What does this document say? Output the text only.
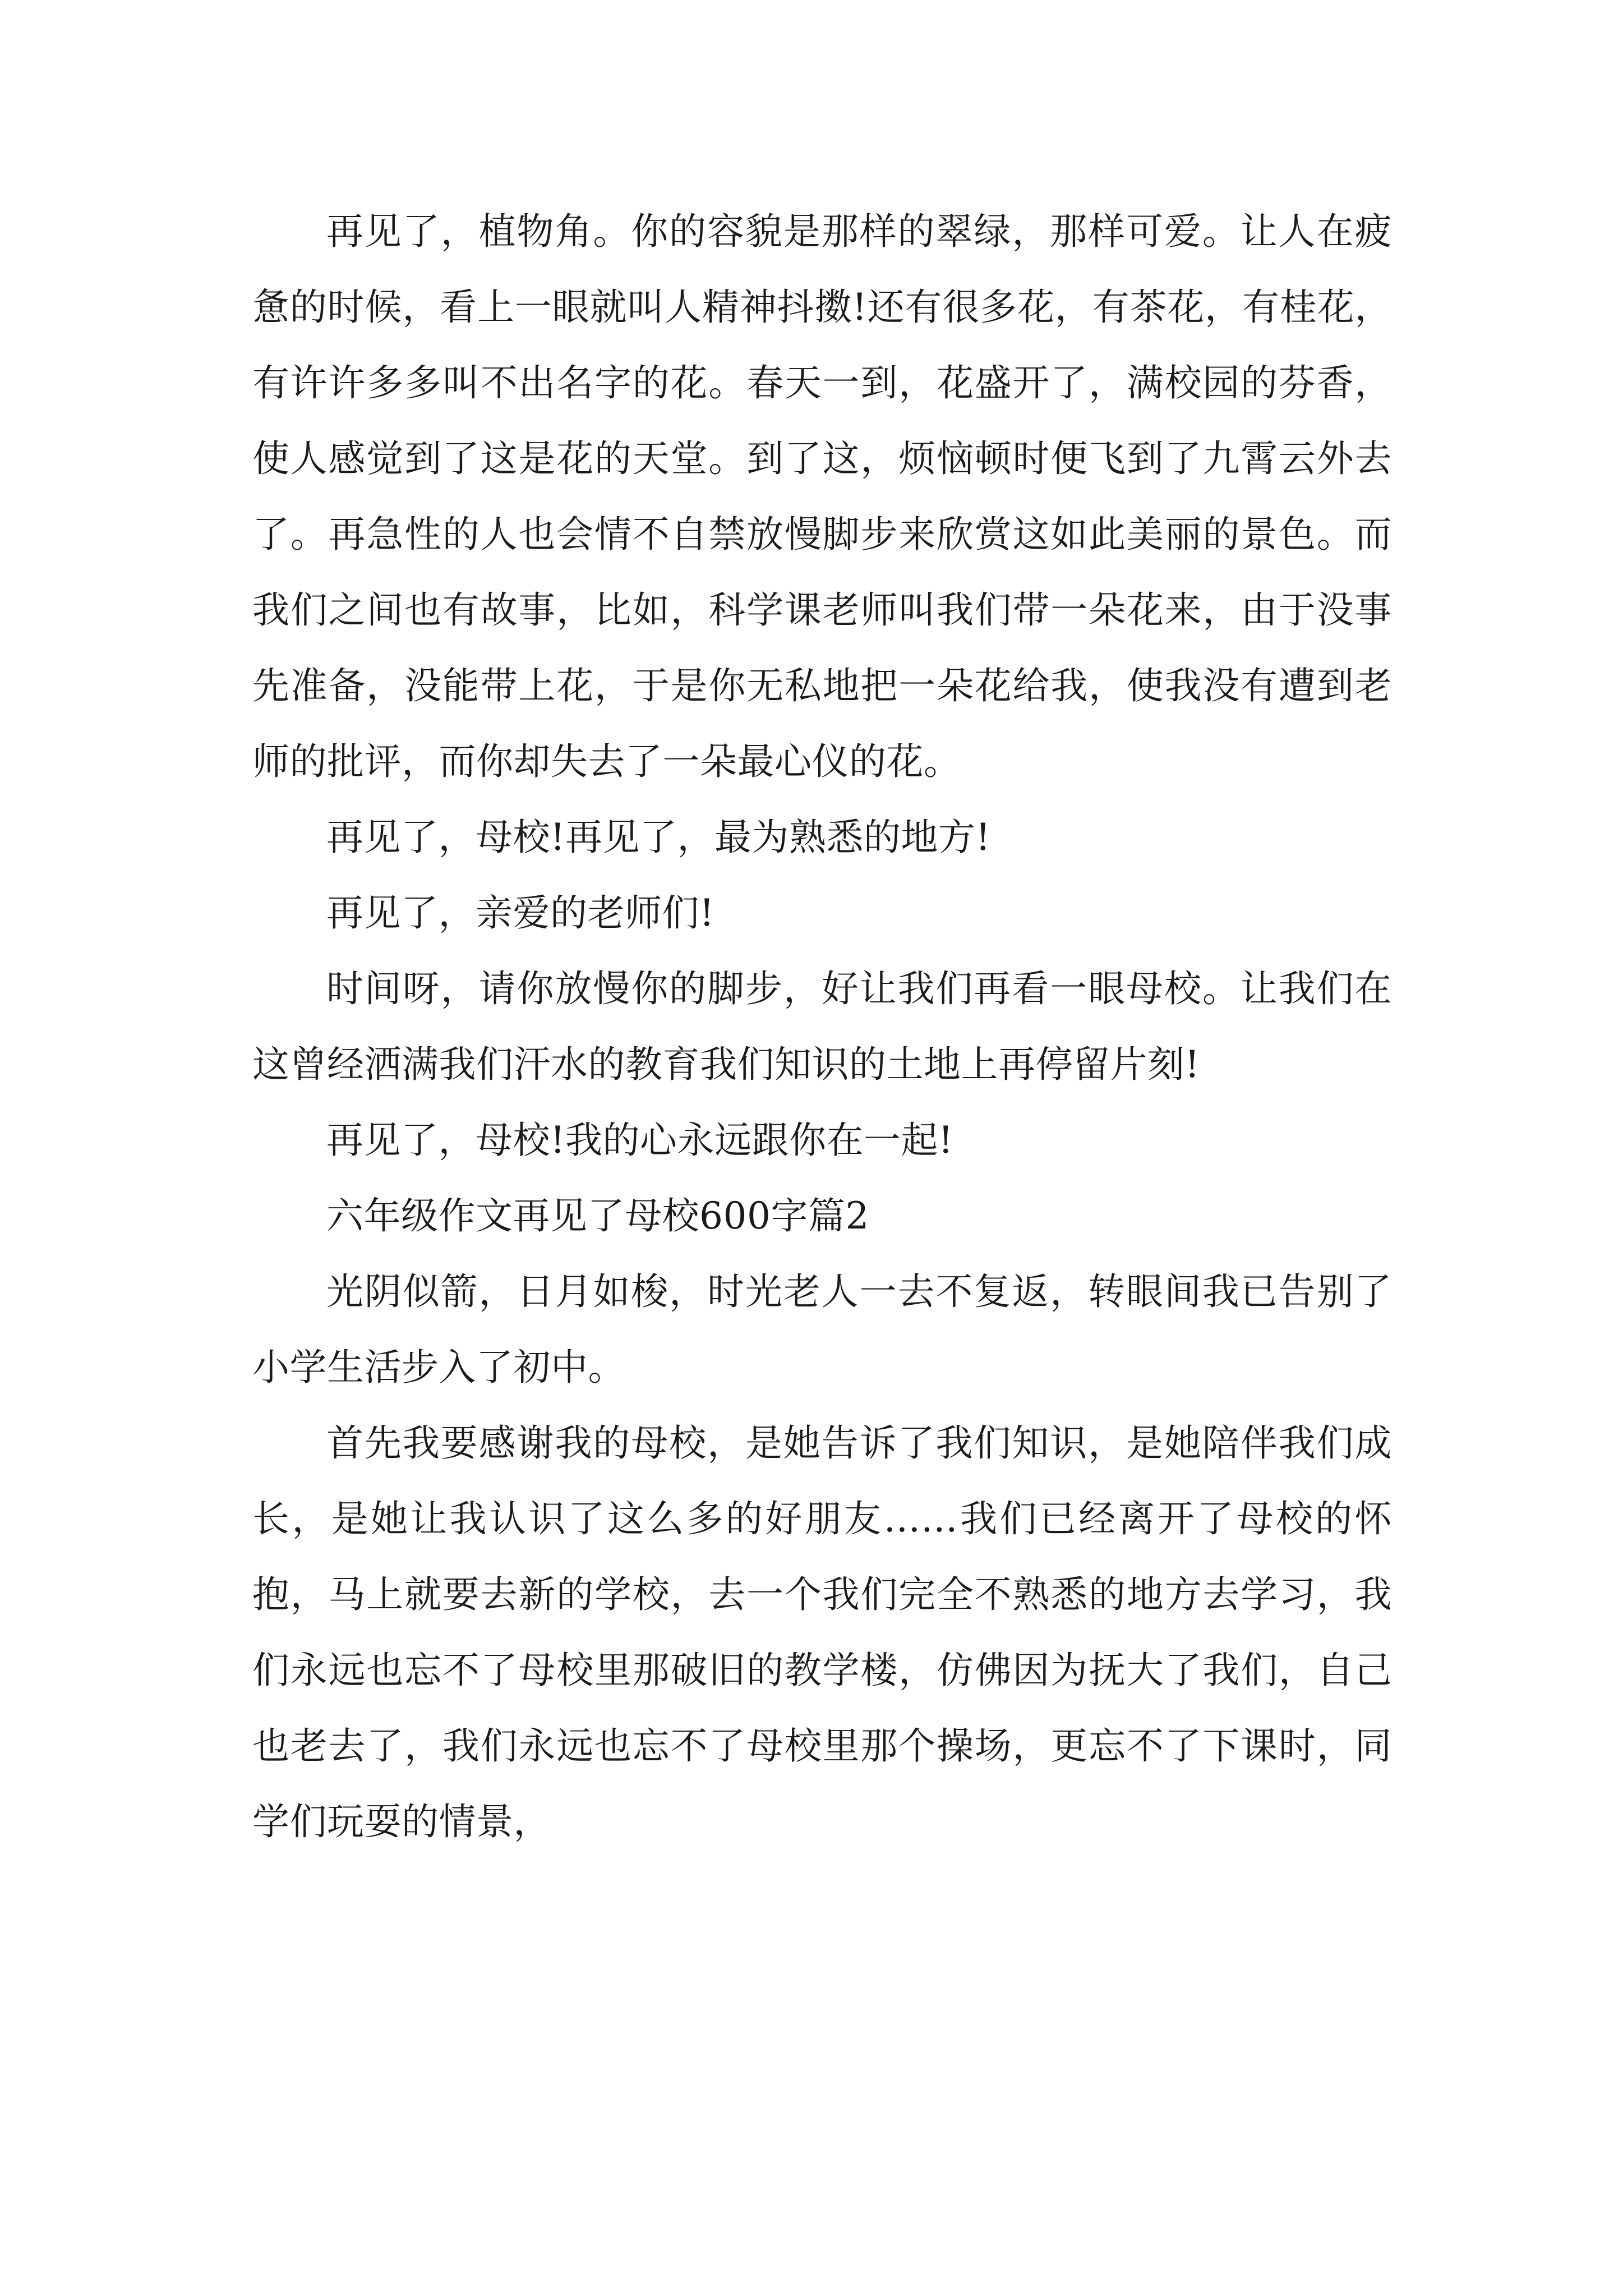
再见了，植物角。你的容貌是那样的翠绿，那样可爱。让人在疲惫的时候，看上一眼就叫人精神抖擞!还有很多花，有茶花，有桂花，有许许多多叫不出名字的花。春天一到，花盛开了，满校园的芬香，使人感觉到了这是花的天堂。到了这，烦恼顿时便飞到了九霄云外去了。再急性的人也会情不自禁放慢脚步来欣赏这如此美丽的景色。而我们之间也有故事，比如，科学课老师叫我们带一朵花来，由于没事先准备，没能带上花，于是你无私地把一朵花给我，使我没有遭到老师的批评，而你却失去了一朵最心仪的花。

再见了，母校!再见了，最为熟悉的地方!

再见了，亲爱的老师们!

时间呀，请你放慢你的脚步，好让我们再看一眼母校。让我们在这曾经洒满我们汗水的教育我们知识的土地上再停留片刻!

再见了，母校!我的心永远跟你在一起!

六年级作文再见了母校600字篇2

光阴似箭，日月如梭，时光老人一去不复返，转眼间我已告别了小学生活步入了初中。

首先我要感谢我的母校，是她告诉了我们知识，是她陪伴我们成长，是她让我认识了这么多的好朋友……我们已经离开了母校的怀抱，马上就要去新的学校，去一个我们完全不熟悉的地方去学习，我们永远也忘不了母校里那破旧的教学楼，仿佛因为抚大了我们，自己也老去了，我们永远也忘不了母校里那个操场，更忘不了下课时，同学们玩耍的情景，
